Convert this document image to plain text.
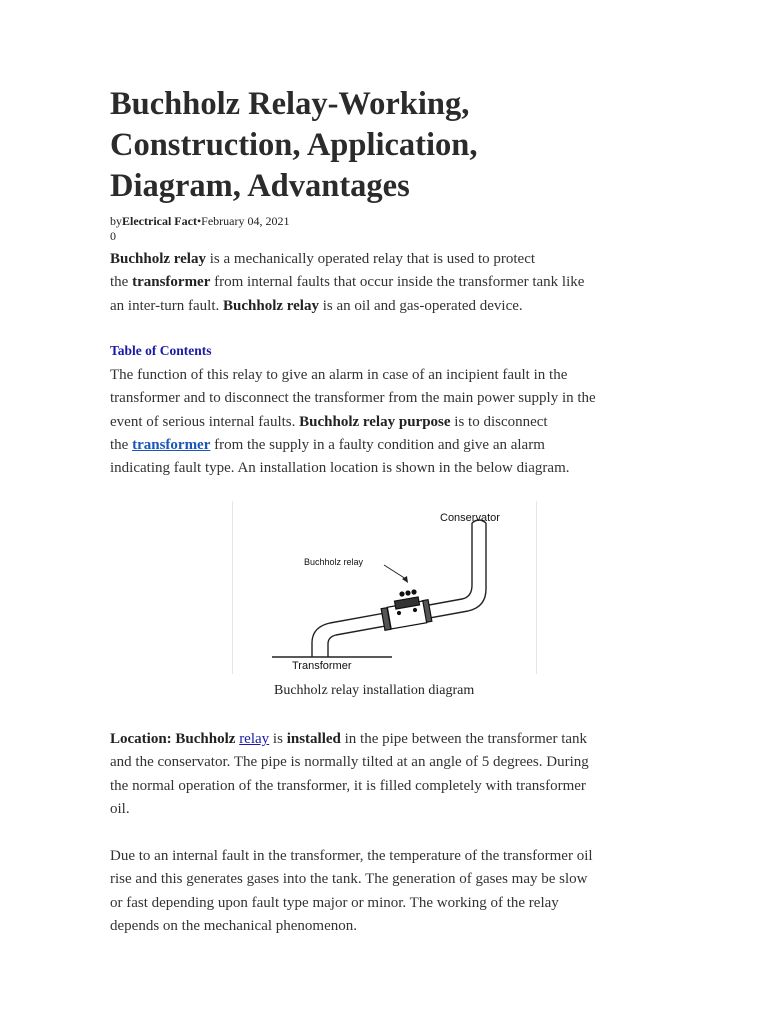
Buchholz Relay-Working,
Construction, Application,
Diagram, Advantages
byElectrical Fact•February 04, 2021
0
Buchholz relay is a mechanically operated relay that is used to protect
the transformer from internal faults that occur inside the transformer tank like
an inter-turn fault. Buchholz relay is an oil and gas-operated device.
Table of Contents
The function of this relay to give an alarm in case of an incipient fault in the
transformer and to disconnect the transformer from the main power supply in the
event of serious internal faults. Buchholz relay purpose is to disconnect
the transformer from the supply in a faulty condition and give an alarm
indicating fault type. An installation location is shown in the below diagram.
Conservator
Buchholz relay
Transformer
Buchholz relay installation diagram
Location: Buchholz relay is installed in the pipe between the transformer tank
and the conservator. The pipe is normally tilted at an angle of 5 degrees. During
the normal operation of the transformer, it is filled completely with transformer
oil.
Due to an internal fault in the transformer, the temperature of the transformer oil
rise and this generates gases into the tank. The generation of gases may be slow
or fast depending upon fault type major or minor. The working of the relay
depends on the mechanical phenomenon.
